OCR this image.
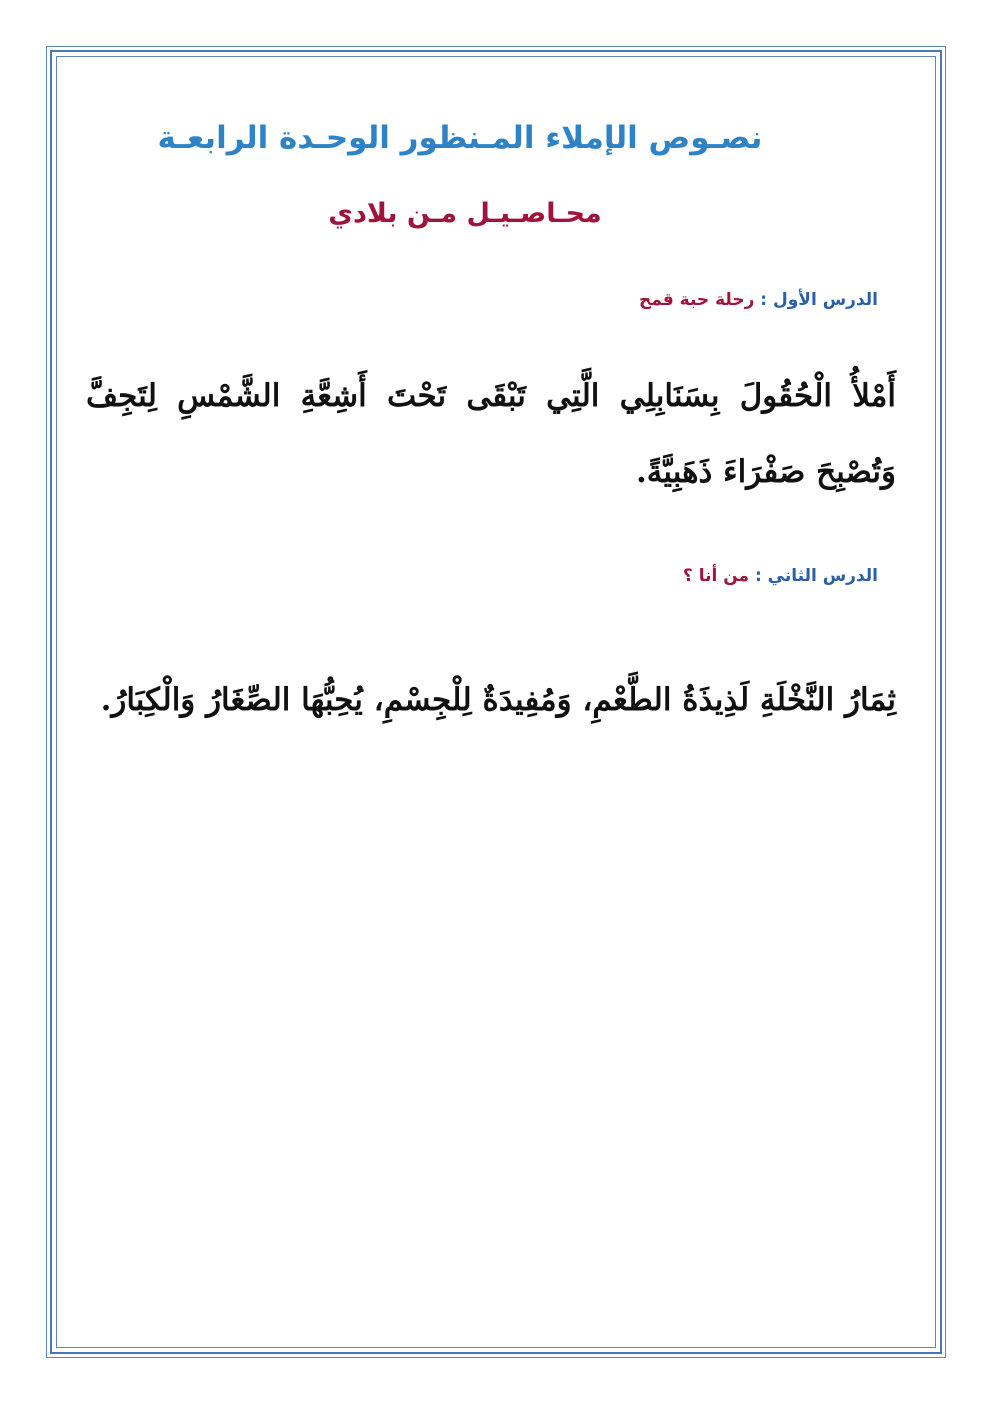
نصـوص الإملاء المـنظور الوحـدة الرابعـة
محـاصـيـل مـن بلادي
الدرس الأول : رحلة حبة قمح
أَمْلأُ الْحُقُولَ بِسَنَابِلِي الَّتِي تَبْقَى تَحْتَ أَشِعَّةِ الشَّمْسِ لِتَجِفَّ وَتُصْبِحَ صَفْرَاءَ ذَهَبِيَّةً.
الدرس الثاني : من أنا ؟
ثِمَارُ النَّخْلَةِ لَذِيذَةُ الطَّعْمِ، وَمُفِيدَةٌ لِلْجِسْمِ، يُحِبُّهَا الصِّغَارُ وَالْكِبَارُ.
